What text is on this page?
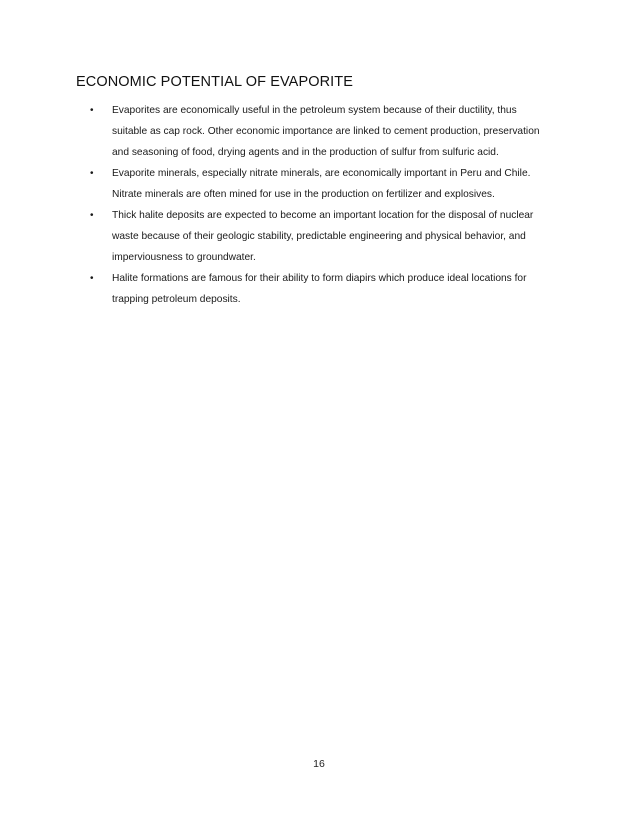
ECONOMIC POTENTIAL OF EVAPORITE
• Evaporites are economically useful in the petroleum system because of their ductility, thus
suitable as cap rock. Other economic importance are linked to cement production, preservation
and seasoning of food, drying agents and in the production of sulfur from sulfuric acid.
• Evaporite minerals, especially nitrate minerals, are economically important in Peru and Chile.
Nitrate minerals are often mined for use in the production on fertilizer and explosives.
• Thick halite deposits are expected to become an important location for the disposal of nuclear
waste because of their geologic stability, predictable engineering and physical behavior, and
imperviousness to groundwater.
• Halite formations are famous for their ability to form diapirs which produce ideal locations for
trapping petroleum deposits.
16
